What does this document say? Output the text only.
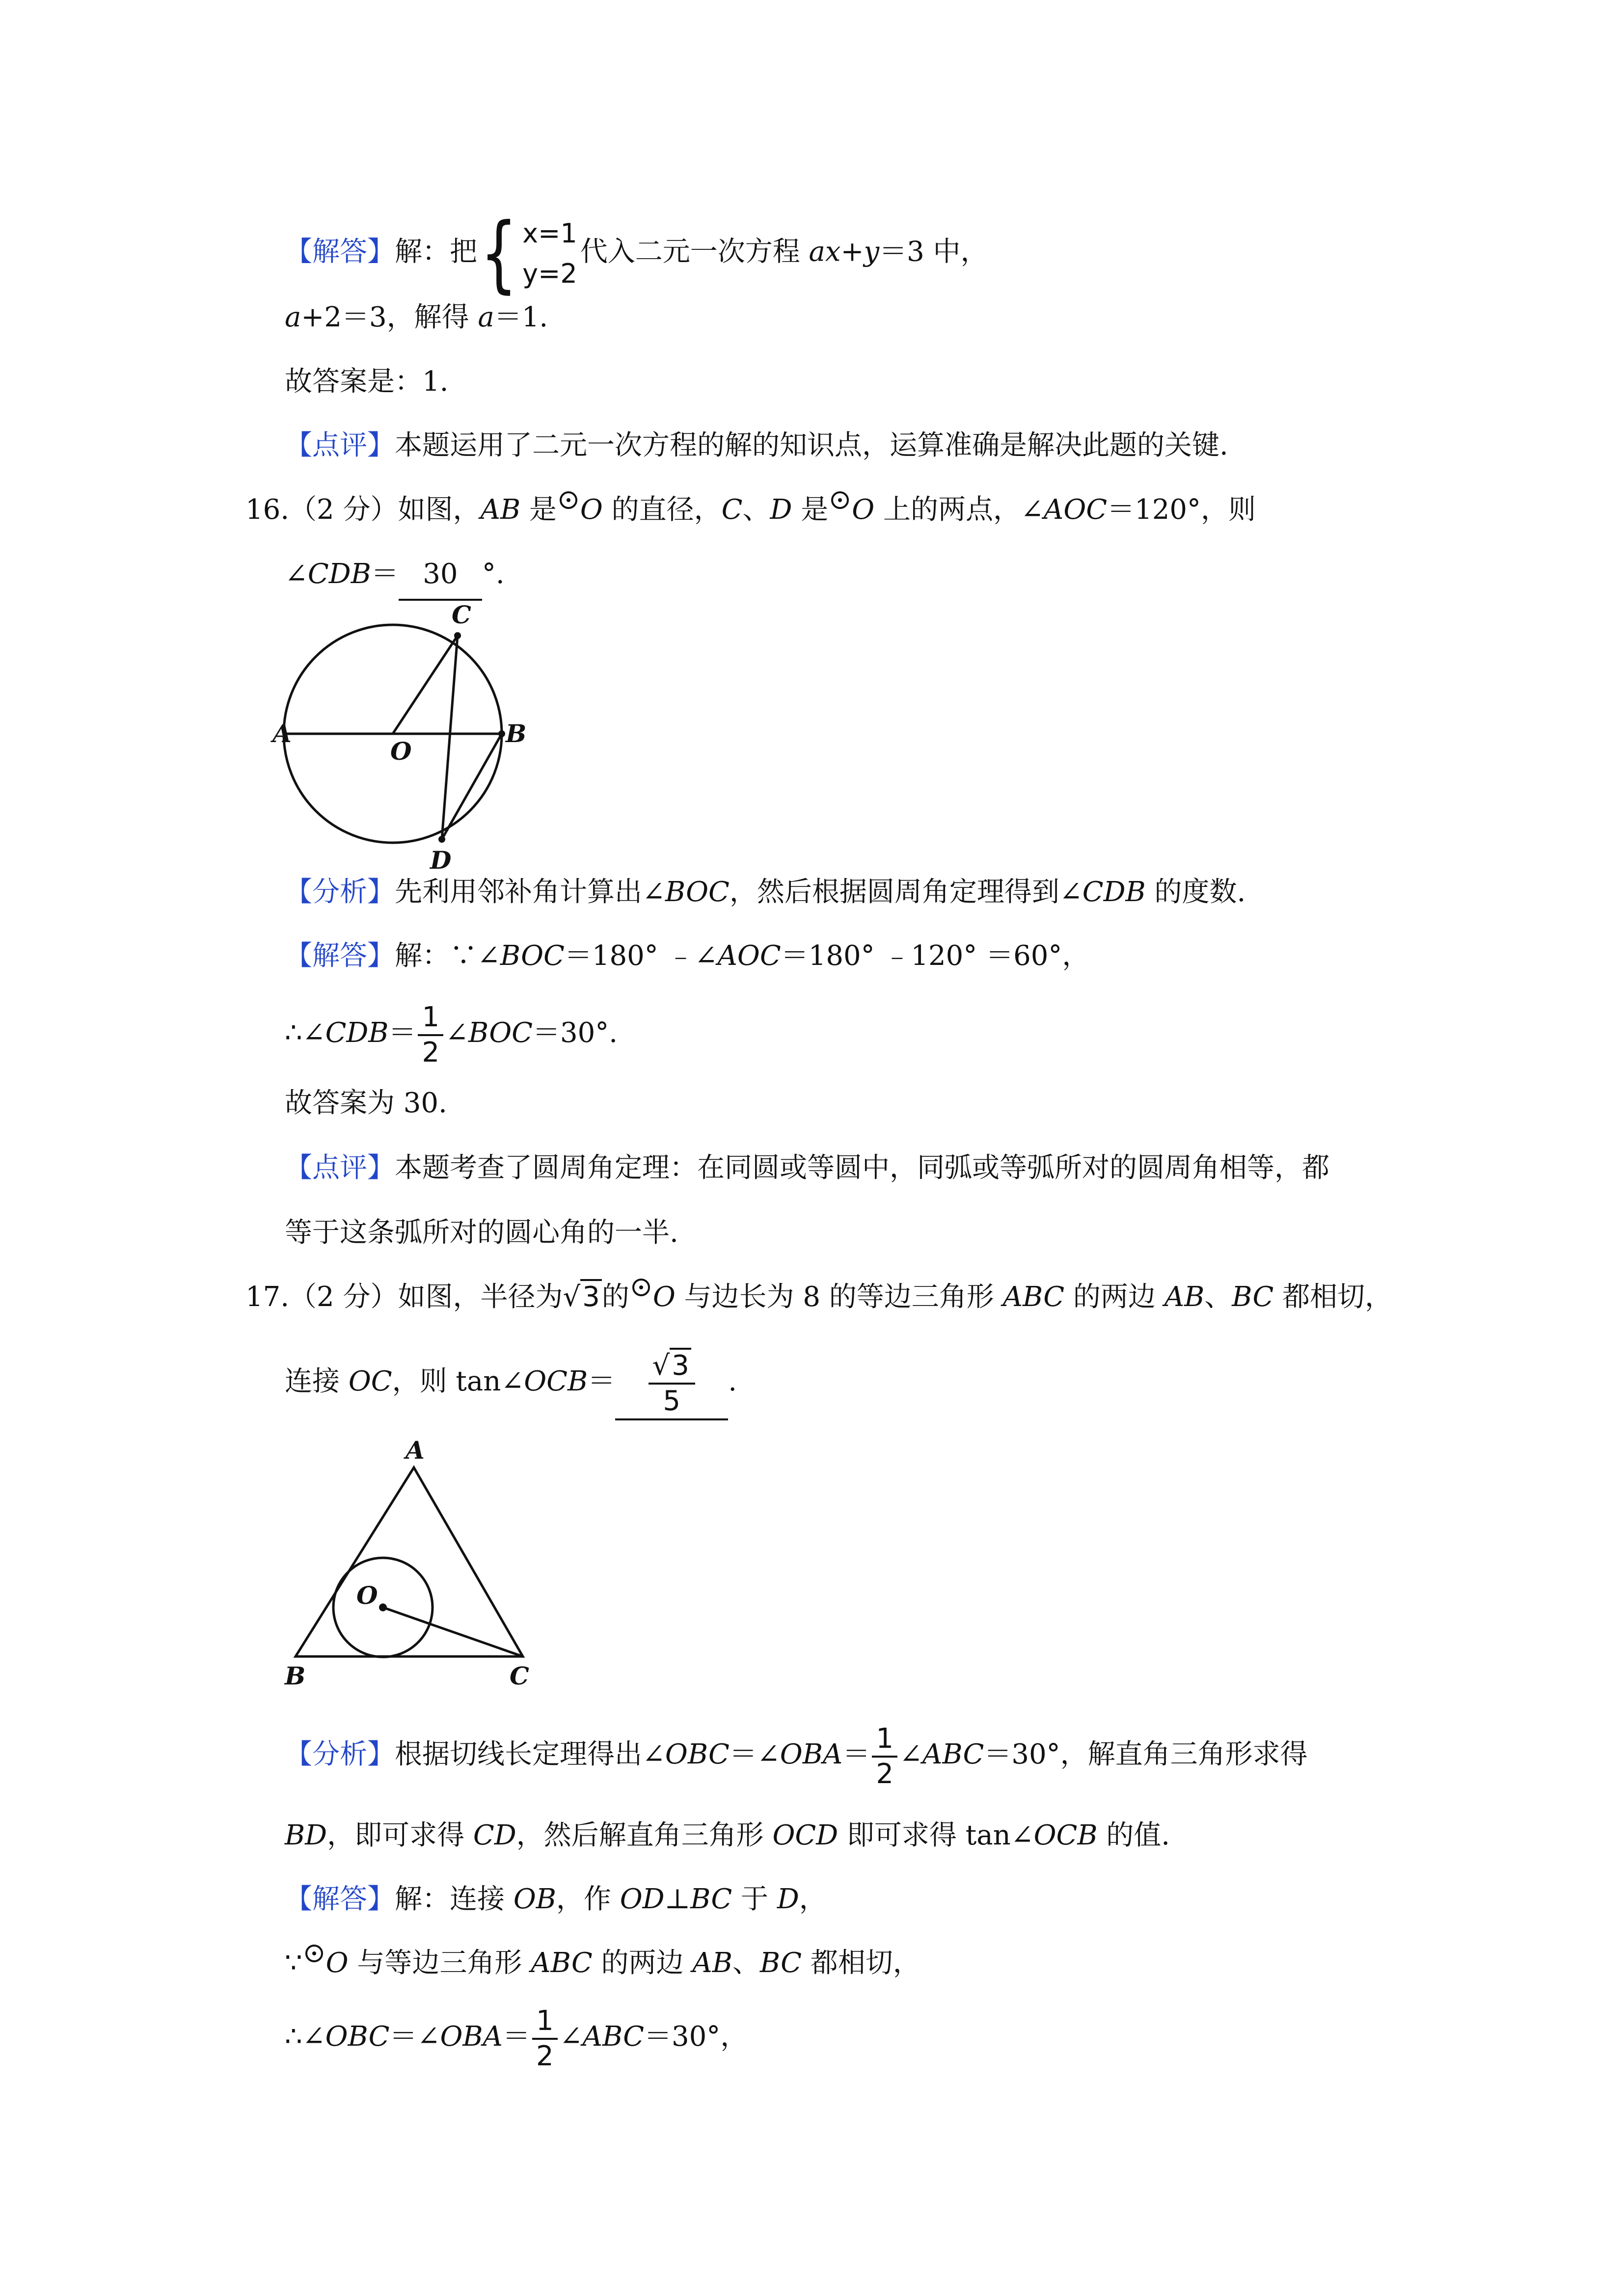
【解答】解：把{ x=1
y=2
代入二元一次方程 ax+y＝3 中，
a+2＝3，解得 a＝1.
故答案是：1.
【点评】本题运用了二元一次方程的解的知识点，运算准确是解决此题的关键.
16.（2 分）如图，AB 是 O 的直径，C、D 是 O 上的两点，∠AOC＝120°，则
∠CDB＝ 30 °.
C
A
O
B
D
【分析】先利用邻补角计算出∠BOC，然后根据圆周角定理得到∠CDB 的度数.
【解答】解：∵∠BOC＝180° ﹣∠AOC＝180° ﹣120° ＝60°，
∴∠CDB＝ $\frac{1}{2}$ ∠BOC＝30°.
故答案为 30.
【点评】本题考查了圆周角定理：在同圆或等圆中，同弧或等弧所对的圆周角相等，都
等于这条弧所对的圆心角的一半.
17.（2 分）如图，半径为√3的 O 与边长为 8 的等边三角形 ABC 的两边 AB、BC 都相切，
连接 OC，则 tan∠OCB＝ $\frac{√3}{5}$ .
A
O
B	C
【分析】根据切线长定理得出∠OBC＝∠OBA＝ $\frac{1}{2}$ ∠ABC＝30°，解直角三角形求得
BD，即可求得 CD，然后解直角三角形 OCD 即可求得 tan∠OCB 的值.
【解答】解：连接 OB，作 OD⊥BC 于 D，
∵ O 与等边三角形 ABC 的两边 AB、BC 都相切，
∴∠OBC＝∠OBA＝ $\frac{1}{2}$ ∠ABC＝30°，
